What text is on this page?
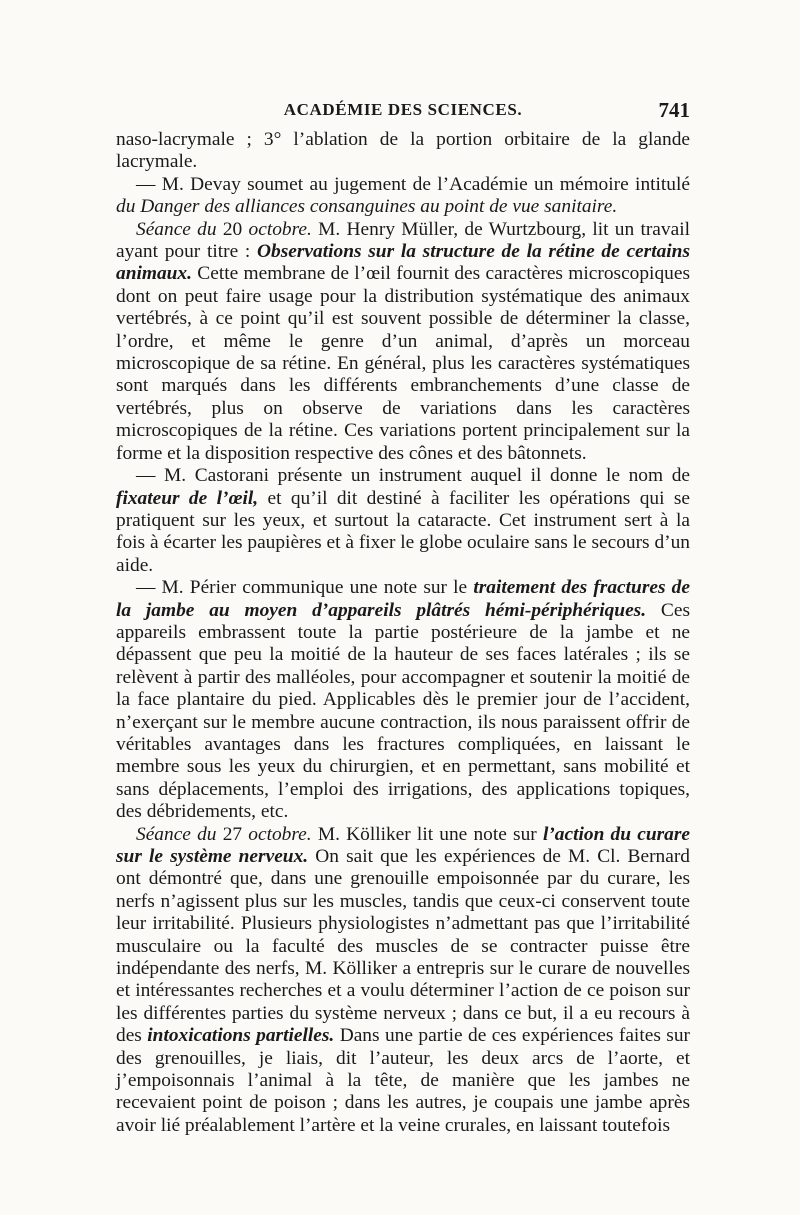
ACADÉMIE DES SCIENCES.	741

naso-lacrymale ; 3° l’ablation de la portion orbitaire de la glande lacrymale.

— M. Devay soumet au jugement de l’Académie un mémoire intitulé du Danger des alliances consanguines au point de vue sanitaire.

Séance du 20 octobre. M. Henry Müller, de Wurtzbourg, lit un travail ayant pour titre : Observations sur la structure de la rétine de certains animaux. Cette membrane de l’œil fournit des caractères microscopiques dont on peut faire usage pour la distribution systématique des animaux vertébrés, à ce point qu’il est souvent possible de déterminer la classe, l’ordre, et même le genre d’un animal, d’après un morceau microscopique de sa rétine. En général, plus les caractères systématiques sont marqués dans les différents embranchements d’une classe de vertébrés, plus on observe de variations dans les caractères microscopiques de la rétine. Ces variations portent principalement sur la forme et la disposition respective des cônes et des bâtonnets.

— M. Castorani présente un instrument auquel il donne le nom de fixateur de l’œil, et qu’il dit destiné à faciliter les opérations qui se pratiquent sur les yeux, et surtout la cataracte. Cet instrument sert à la fois à écarter les paupières et à fixer le globe oculaire sans le secours d’un aide.

— M. Périer communique une note sur le traitement des fractures de la jambe au moyen d’appareils plâtrés hémi-périphériques. Ces appareils embrassent toute la partie postérieure de la jambe et ne dépassent que peu la moitié de la hauteur de ses faces latérales ; ils se relèvent à partir des malléoles, pour accompagner et soutenir la moitié de la face plantaire du pied. Applicables dès le premier jour de l’accident, n’exerçant sur le membre aucune contraction, ils nous paraissent offrir de véritables avantages dans les fractures compliquées, en laissant le membre sous les yeux du chirurgien, et en permettant, sans mobilité et sans déplacements, l’emploi des irrigations, des applications topiques, des débridements, etc.

Séance du 27 octobre. M. Kölliker lit une note sur l’action du curare sur le système nerveux. On sait que les expériences de M. Cl. Bernard ont démontré que, dans une grenouille empoisonnée par du curare, les nerfs n’agissent plus sur les muscles, tandis que ceux-ci conservent toute leur irritabilité. Plusieurs physiologistes n’admettant pas que l’irritabilité musculaire ou la faculté des muscles de se contracter puisse être indépendante des nerfs, M. Kölliker a entrepris sur le curare de nouvelles et intéressantes recherches et a voulu déterminer l’action de ce poison sur les différentes parties du système nerveux ; dans ce but, il a eu recours à des intoxications partielles. Dans une partie de ces expériences faites sur des grenouilles, je liais, dit l’auteur, les deux arcs de l’aorte, et j’empoisonnais l’animal à la tête, de manière que les jambes ne recevaient point de poison ; dans les autres, je coupais une jambe après avoir lié préalablement l’artère et la veine crurales, en laissant toutefois
